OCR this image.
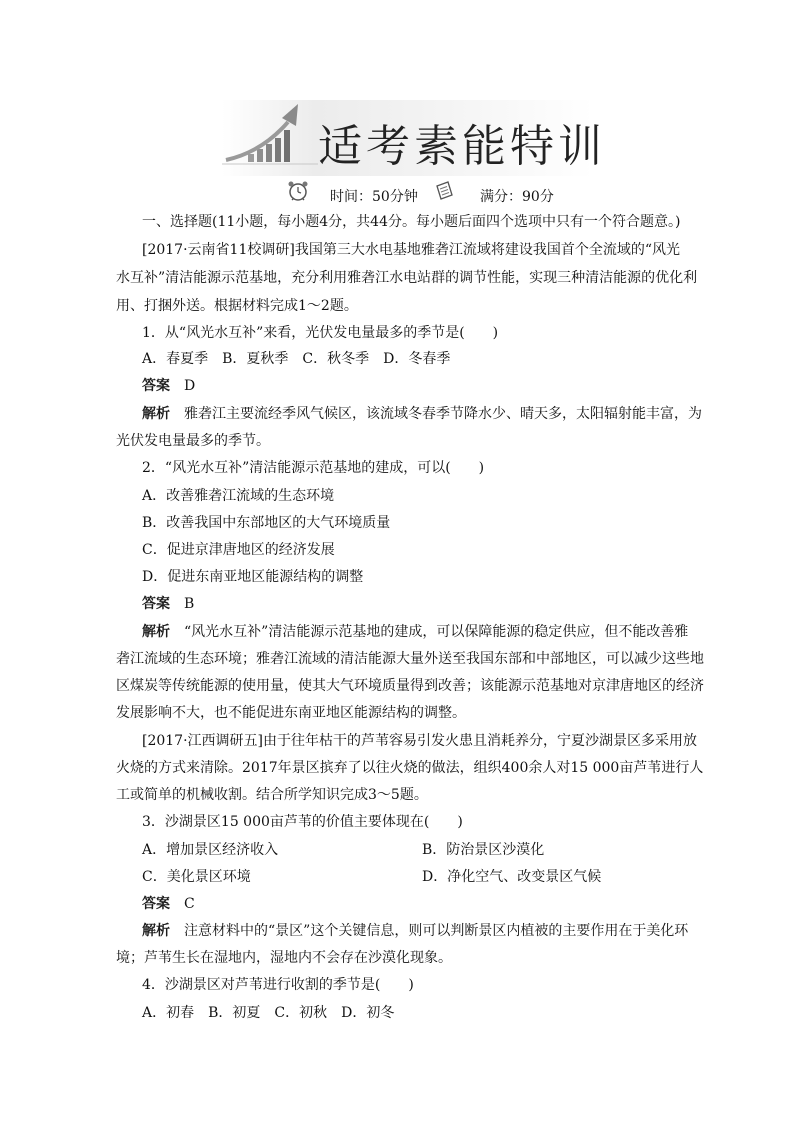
适考素能特训
时间：50分钟	满分：90分
一、选择题(11小题，每小题4分，共44分。每小题后面四个选项中只有一个符合题意。)
[2017·云南省11校调研]我国第三大水电基地雅砻江流域将建设我国首个全流域的“风光
水互补”清洁能源示范基地，充分利用雅砻江水电站群的调节性能，实现三种清洁能源的优化利
用、打捆外送。根据材料完成1～2题。
1．从“风光水互补”来看，光伏发电量最多的季节是(　　)
A．春夏季　B．夏秋季　C．秋冬季　D．冬春季
答案 D
解析 雅砻江主要流经季风气候区，该流域冬春季节降水少、晴天多，太阳辐射能丰富，为
光伏发电量最多的季节。
2．“风光水互补”清洁能源示范基地的建成，可以(　　)
A．改善雅砻江流域的生态环境
B．改善我国中东部地区的大气环境质量
C．促进京津唐地区的经济发展
D．促进东南亚地区能源结构的调整
答案 B
解析 “风光水互补”清洁能源示范基地的建成，可以保障能源的稳定供应，但不能改善雅
砻江流域的生态环境；雅砻江流域的清洁能源大量外送至我国东部和中部地区，可以减少这些地
区煤炭等传统能源的使用量，使其大气环境质量得到改善；该能源示范基地对京津唐地区的经济
发展影响不大，也不能促进东南亚地区能源结构的调整。
[2017·江西调研五]由于往年枯干的芦苇容易引发火患且消耗养分，宁夏沙湖景区多采用放
火烧的方式来清除。2017年景区摈弃了以往火烧的做法，组织400余人对15 000亩芦苇进行人
工或简单的机械收割。结合所学知识完成3～5题。
3．沙湖景区15 000亩芦苇的价值主要体现在(　　)
A．增加景区经济收入	B．防治景区沙漠化
C．美化景区环境	D．净化空气、改变景区气候
答案 C
解析 注意材料中的“景区”这个关键信息，则可以判断景区内植被的主要作用在于美化环
境；芦苇生长在湿地内，湿地内不会存在沙漠化现象。
4．沙湖景区对芦苇进行收割的季节是(　　)
A．初春　B．初夏　C．初秋　D．初冬
